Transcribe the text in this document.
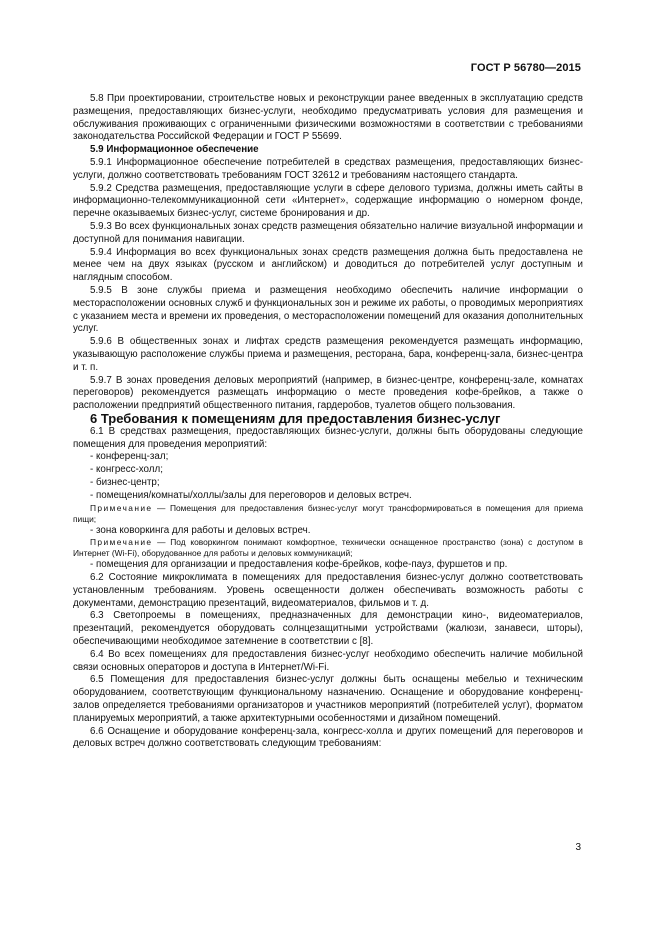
ГОСТ Р 56780—2015

5.8 При проектировании, строительстве новых и реконструкции ранее введенных в эксплуатацию средств размещения, предоставляющих бизнес-услуги, необходимо предусматривать условия для размещения и обслуживания проживающих с ограниченными физическими возможностями в соответствии с требованиями законодательства Российской Федерации и ГОСТ Р 55699.

5.9 Информационное обеспечение

5.9.1 Информационное обеспечение потребителей в средствах размещения, предоставляющих бизнес-услуги, должно соответствовать требованиям ГОСТ 32612 и требованиям настоящего стандарта.

5.9.2 Средства размещения, предоставляющие услуги в сфере делового туризма, должны иметь сайты в информационно-телекоммуникационной сети «Интернет», содержащие информацию о номерном фонде, перечне оказываемых бизнес-услуг, системе бронирования и др.

5.9.3 Во всех функциональных зонах средств размещения обязательно наличие визуальной информации и доступной для понимания навигации.

5.9.4 Информация во всех функциональных зонах средств размещения должна быть предоставлена не менее чем на двух языках (русском и английском) и доводиться до потребителей услуг доступным и наглядным способом.

5.9.5 В зоне службы приема и размещения необходимо обеспечить наличие информации о месторасположении основных служб и функциональных зон и режиме их работы, о проводимых мероприятиях с указанием места и времени их проведения, о месторасположении помещений для оказания дополнительных услуг.

5.9.6 В общественных зонах и лифтах средств размещения рекомендуется размещать информацию, указывающую расположение службы приема и размещения, ресторана, бара, конференц-зала, бизнес-центра и т. п.

5.9.7 В зонах проведения деловых мероприятий (например, в бизнес-центре, конференц-зале, комнатах переговоров) рекомендуется размещать информацию о месте проведения кофе-брейков, а также о расположении предприятий общественного питания, гардеробов, туалетов общего пользования.

6 Требования к помещениям для предоставления бизнес-услуг

6.1 В средствах размещения, предоставляющих бизнес-услуги, должны быть оборудованы следующие помещения для проведения мероприятий:

- конференц-зал;

- конгресс-холл;

- бизнес-центр;

- помещения/комнаты/холлы/залы для переговоров и деловых встреч.

Примечание — Помещения для предоставления бизнес-услуг могут трансформироваться в помещения для приема пищи;

- зона коворкинга для работы и деловых встреч.

Примечание — Под коворкингом понимают комфортное, технически оснащенное пространство (зона) с доступом в Интернет (Wi-Fi), оборудованное для работы и деловых коммуникаций;

- помещения для организации и предоставления кофе-брейков, кофе-пауз, фуршетов и пр.

6.2 Состояние микроклимата в помещениях для предоставления бизнес-услуг должно соответствовать установленным требованиям. Уровень освещенности должен обеспечивать возможность работы с документами, демонстрацию презентаций, видеоматериалов, фильмов и т. д.

6.3 Светопроемы в помещениях, предназначенных для демонстрации кино-, видеоматериалов, презентаций, рекомендуется оборудовать солнцезащитными устройствами (жалюзи, занавеси, шторы), обеспечивающими необходимое затемнение в соответствии с [8].

6.4 Во всех помещениях для предоставления бизнес-услуг необходимо обеспечить наличие мобильной связи основных операторов и доступа в Интернет/Wi-Fi.

6.5 Помещения для предоставления бизнес-услуг должны быть оснащены мебелью и техническим оборудованием, соответствующим функциональному назначению. Оснащение и оборудование конференц-залов определяется требованиями организаторов и участников мероприятий (потребителей услуг), форматом планируемых мероприятий, а также архитектурными особенностями и дизайном помещений.

6.6 Оснащение и оборудование конференц-зала, конгресс-холла и других помещений для переговоров и деловых встреч должно соответствовать следующим требованиям:

3
